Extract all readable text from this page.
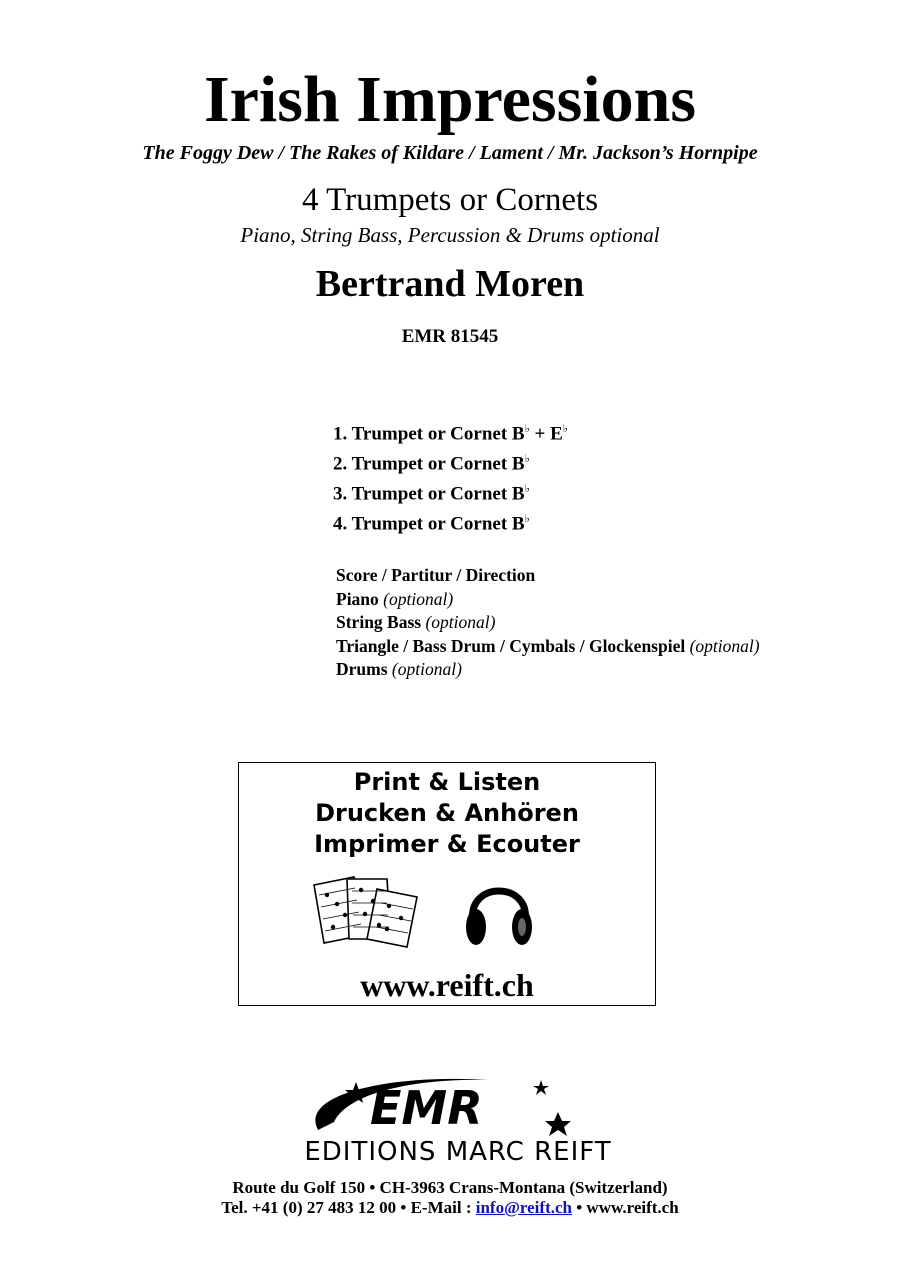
Irish Impressions
The Foggy Dew / The Rakes of Kildare / Lament / Mr. Jackson’s Hornpipe
4 Trumpets or Cornets
Piano, String Bass, Percussion & Drums optional
Bertrand Moren
EMR 81545
1. Trumpet or Cornet B♭ + E♭
2. Trumpet or Cornet B♭
3. Trumpet or Cornet B♭
4. Trumpet or Cornet B♭
Score / Partitur / Direction
Piano (optional)
String Bass (optional)
Triangle / Bass Drum / Cymbals / Glockenspiel (optional)
Drums (optional)
Print & Listen
Drucken & Anhören
Imprimer & Ecouter
www.reift.ch
EMR
EDITIONS MARC REIFT
Route du Golf 150 • CH-3963 Crans-Montana (Switzerland)
Tel. +41 (0) 27 483 12 00 • E-Mail : info@reift.ch • www.reift.ch
